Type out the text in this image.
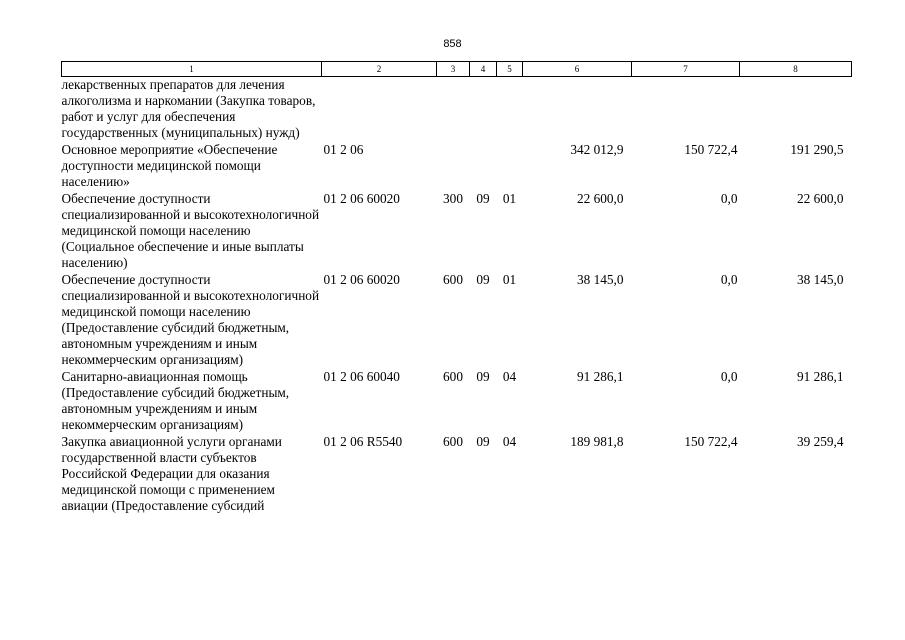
858
1	2	3	4	5	6	7	8
лекарственных препаратов для лечения алкоголизма и наркомании (Закупка товаров, работ и услуг для обеспечения государственных (муниципальных) нужд)							
Основное мероприятие «Обеспечение доступности медицинской помощи населению»	01 2 06				342 012,9	150 722,4	191 290,5
Обеспечение доступности специализированной и высокотехнологичной медицинской помощи населению (Социальное обеспечение и иные выплаты населению)	01 2 06 60020	300	09	01	22 600,0	0,0	22 600,0
Обеспечение доступности специализированной и высокотехнологичной медицинской помощи населению (Предоставление субсидий бюджетным, автономным учреждениям и иным некоммерческим организациям)	01 2 06 60020	600	09	01	38 145,0	0,0	38 145,0
Санитарно-авиационная помощь (Предоставление субсидий бюджетным, автономным учреждениям и иным некоммерческим организациям)	01 2 06 60040	600	09	04	91 286,1	0,0	91 286,1
Закупка авиационной услуги органами государственной власти субъектов Российской Федерации для оказания медицинской помощи с применением авиации (Предоставление субсидий	01 2 06 R5540	600	09	04	189 981,8	150 722,4	39 259,4
